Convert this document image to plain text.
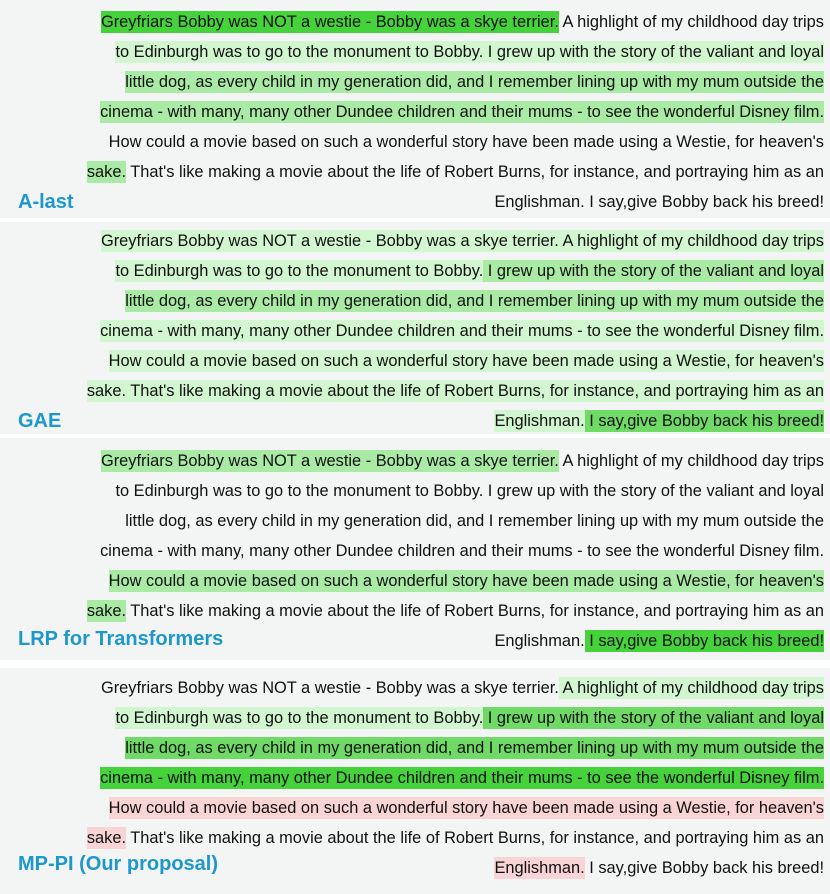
Greyfriars Bobby was NOT a westie - Bobby was a skye terrier. A highlight of my childhood day trips
to Edinburgh was to go to the monument to Bobby. I grew up with the story of the valiant and loyal
little dog, as every child in my generation did, and I remember lining up with my mum outside the
cinema - with many, many other Dundee children and their mums - to see the wonderful Disney film.
How could a movie based on such a wonderful story have been made using a Westie, for heaven's
sake. That's like making a movie about the life of Robert Burns, for instance, and portraying him as an
Englishman. I say,give Bobby back his breed!
A-last
Greyfriars Bobby was NOT a westie - Bobby was a skye terrier. A highlight of my childhood day trips
to Edinburgh was to go to the monument to Bobby. I grew up with the story of the valiant and loyal
little dog, as every child in my generation did, and I remember lining up with my mum outside the
cinema - with many, many other Dundee children and their mums - to see the wonderful Disney film.
How could a movie based on such a wonderful story have been made using a Westie, for heaven's
sake. That's like making a movie about the life of Robert Burns, for instance, and portraying him as an
Englishman. I say,give Bobby back his breed!
GAE
Greyfriars Bobby was NOT a westie - Bobby was a skye terrier. A highlight of my childhood day trips
to Edinburgh was to go to the monument to Bobby. I grew up with the story of the valiant and loyal
little dog, as every child in my generation did, and I remember lining up with my mum outside the
cinema - with many, many other Dundee children and their mums - to see the wonderful Disney film.
How could a movie based on such a wonderful story have been made using a Westie, for heaven's
sake. That's like making a movie about the life of Robert Burns, for instance, and portraying him as an
Englishman. I say,give Bobby back his breed!
LRP for Transformers
Greyfriars Bobby was NOT a westie - Bobby was a skye terrier. A highlight of my childhood day trips
to Edinburgh was to go to the monument to Bobby. I grew up with the story of the valiant and loyal
little dog, as every child in my generation did, and I remember lining up with my mum outside the
cinema - with many, many other Dundee children and their mums - to see the wonderful Disney film.
How could a movie based on such a wonderful story have been made using a Westie, for heaven's
sake. That's like making a movie about the life of Robert Burns, for instance, and portraying him as an
Englishman. I say,give Bobby back his breed!
MP-PI (Our proposal)
